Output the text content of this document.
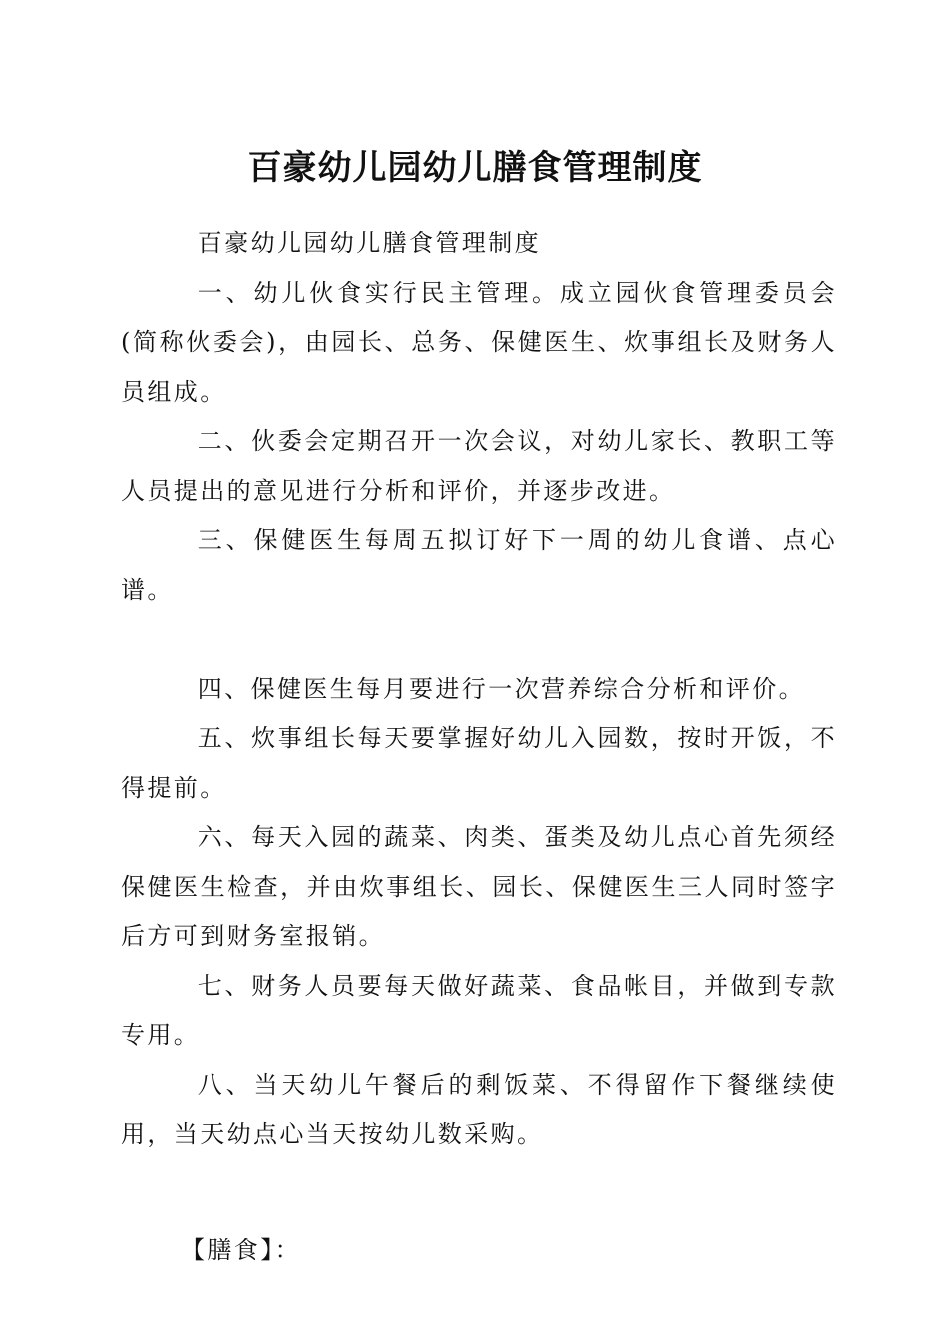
百豪幼儿园幼儿膳食管理制度

百豪幼儿园幼儿膳食管理制度

一、幼儿伙食实行民主管理。成立园伙食管理委员会(简称伙委会)，由园长、总务、保健医生、炊事组长及财务人员组成。

二、伙委会定期召开一次会议，对幼儿家长、教职工等人员提出的意见进行分析和评价，并逐步改进。

三、保健医生每周五拟订好下一周的幼儿食谱、点心谱。

四、保健医生每月要进行一次营养综合分析和评价。

五、炊事组长每天要掌握好幼儿入园数，按时开饭，不得提前。

六、每天入园的蔬菜、肉类、蛋类及幼儿点心首先须经保健医生检查，并由炊事组长、园长、保健医生三人同时签字后方可到财务室报销。

七、财务人员要每天做好蔬菜、食品帐目，并做到专款专用。

八、当天幼儿午餐后的剩饭菜、不得留作下餐继续使用，当天幼点心当天按幼儿数采购。

【膳食】：
